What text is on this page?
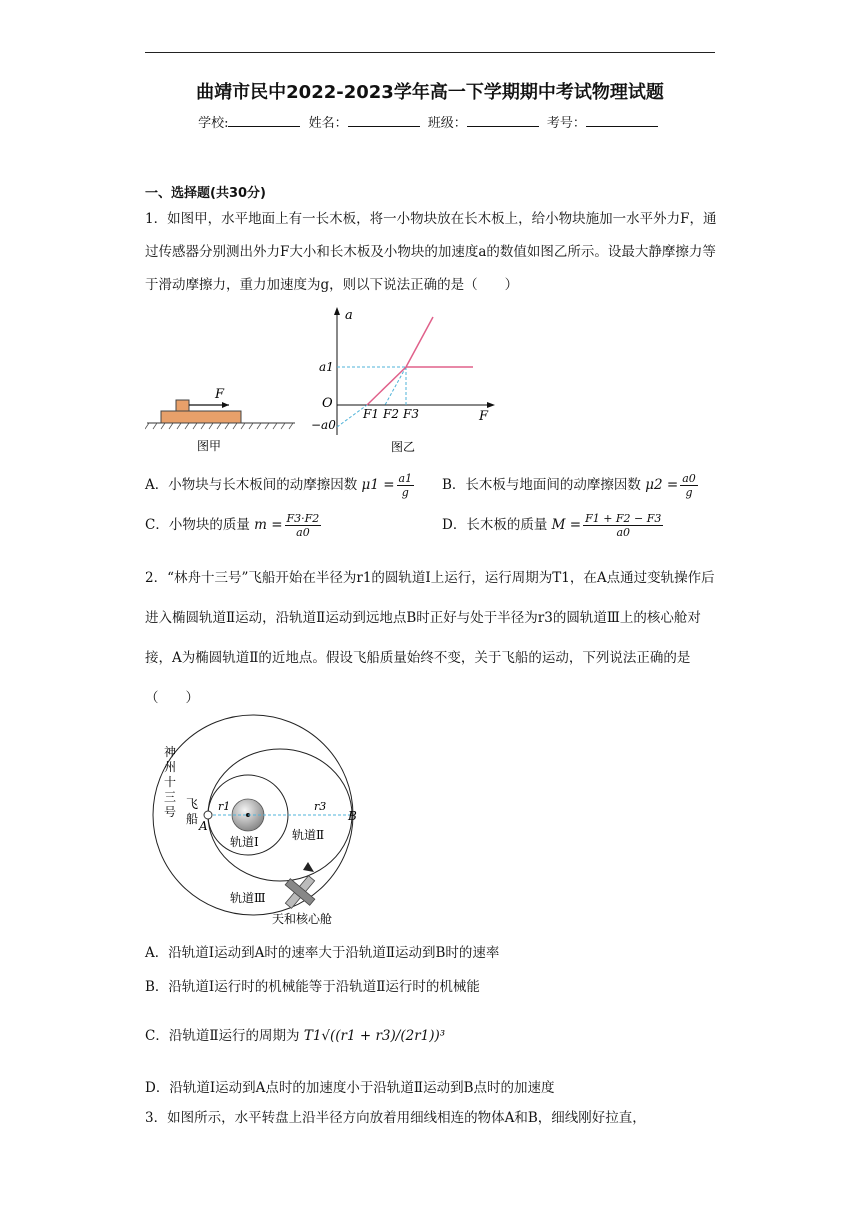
曲靖市民中2022-2023学年高一下学期期中考试物理试题
学校:	姓名：	班级：	考号：
一、选择题(共30分)
1．如图甲，水平地面上有一长木板，将一小物块放在长木板上，给小物块施加一水平外力F，通过传感器分别测出外力F大小和长木板及小物块的加速度a的数值如图乙所示。设最大静摩擦力等于滑动摩擦力，重力加速度为g，则以下说法正确的是（　　）
F
图甲
a
F
O
a1
−a0
F1 F2 F3
图乙
A．小物块与长木板间的动摩擦因数 $\mu 1 = \frac{a1}{g}$ B．长木板与地面间的动摩擦因数 $\mu 2 = \frac{a0}{g}$
C．小物块的质量 $m = \frac{F3\cdot F2}{a0}$	D．长木板的质量 $M = \frac{F1 + F2 - F3}{a0}$
2．“林舟十三号”飞船开始在半径为r1的圆轨道Ⅰ上运行，运行周期为T1，在A点通过变轨操作后进入椭圆轨道Ⅱ运动，沿轨道Ⅱ运动到远地点B时正好与处于半径为r3的圆轨道Ⅲ上的核心舱对接，A为椭圆轨道Ⅱ的近地点。假设飞船质量始终不变，关于飞船的运动，下列说法正确的是（　　）
r1	r3
A
B
轨道Ⅰ	轨道Ⅱ
轨道Ⅲ
天和核心舱
神州十三号
飞船
A．沿轨道Ⅰ运动到A时的速率大于沿轨道Ⅱ运动到B时的速率
B．沿轨道Ⅰ运行时的机械能等于沿轨道Ⅱ运行时的机械能
C．沿轨道Ⅱ运行的周期为 T1√((r1 + r3)/(2r1))³
D．沿轨道Ⅰ运动到A点时的加速度小于沿轨道Ⅱ运动到B点时的加速度
3．如图所示，水平转盘上沿半径方向放着用细线相连的物体A和B，细线刚好拉直，
